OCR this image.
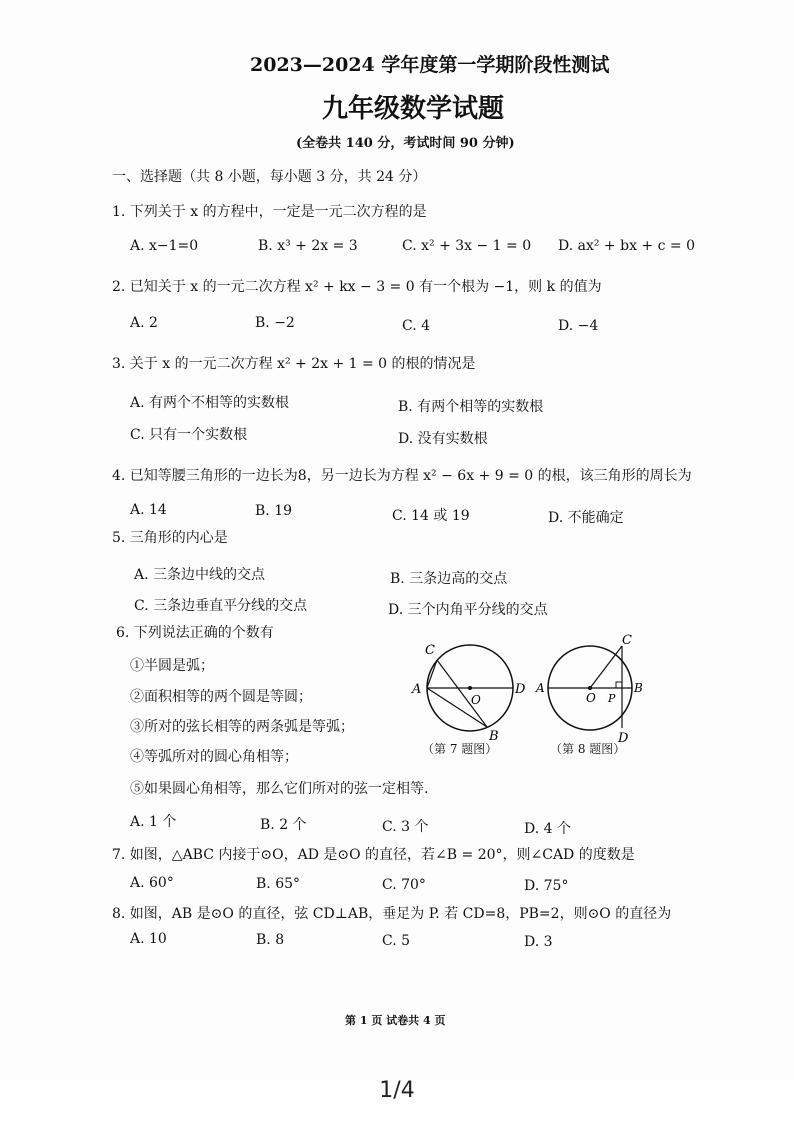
2023—2024 学年度第一学期阶段性测试
九年级数学试题
(全卷共 140 分，考试时间 90 分钟)
一、选择题（共 8 小题，每小题 3 分，共 24 分）
1. 下列关于 x 的方程中，一定是一元二次方程的是
A. x−1=0	B. x³ + 2x = 3	C. x² + 3x − 1 = 0 D. ax² + bx + c = 0
2. 已知关于 x 的一元二次方程 x² + kx − 3 = 0 有一个根为 −1，则 k 的值为
A. 2	B. −2	C. 4	D. −4
3. 关于 x 的一元二次方程 x² + 2x + 1 = 0 的根的情况是
A. 有两个不相等的实数根	B. 有两个相等的实数根
C. 只有一个实数根	D. 没有实数根
4. 已知等腰三角形的一边长为8，另一边长为方程 x² − 6x + 9 = 0 的根，该三角形的周长为
A. 14	B. 19	C. 14 或 19	D. 不能确定
5. 三角形的内心是
A. 三条边中线的交点	B. 三条边高的交点
C. 三条边垂直平分线的交点	D. 三个内角平分线的交点
6. 下列说法正确的个数有
①半圆是弧；
②面积相等的两个圆是等圆；
③所对的弦长相等的两条弧是等弧；
④等弧所对的圆心角相等；
⑤如果圆心角相等，那么它们所对的弦一定相等.
A. 1 个	B. 2 个	C. 3 个	D. 4 个
C
A	D
O
B
（第 7 题图）
C
A
O P
B
D
（第 8 题图）
7. 如图，△ABC 内接于⊙O，AD 是⊙O 的直径，若∠B = 20°，则∠CAD 的度数是
A. 60°	B. 65°	C. 70°	D. 75°
8. 如图，AB 是⊙O 的直径，弦 CD⊥AB，垂足为 P. 若 CD=8，PB=2，则⊙O 的直径为
A. 10	B. 8	C. 5	D. 3
第 1 页 试卷共 4 页
1/4
